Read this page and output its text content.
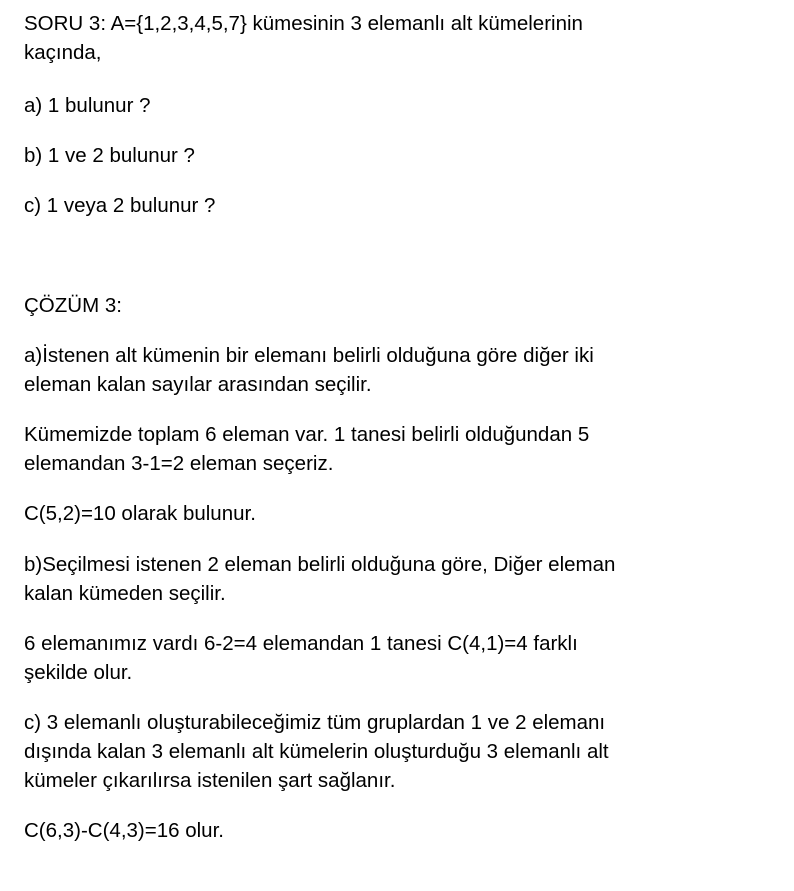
SORU 3: A={1,2,3,4,5,7} kümesinin 3 elemanlı alt kümelerinin

kaçında,

a) 1 bulunur ?

b) 1 ve 2 bulunur ?

c) 1 veya 2 bulunur ?

ÇÖZÜM 3:

a)İstenen alt kümenin bir elemanı belirli olduğuna göre diğer iki

eleman kalan sayılar arasından seçilir.

Kümemizde toplam 6 eleman var. 1 tanesi belirli olduğundan 5

elemandan 3-1=2 eleman seçeriz.

C(5,2)=10 olarak bulunur.

b)Seçilmesi istenen 2 eleman belirli olduğuna göre, Diğer eleman

kalan kümeden seçilir.

6 elemanımız vardı 6-2=4 elemandan 1 tanesi C(4,1)=4 farklı

şekilde olur.

c) 3 elemanlı oluşturabileceğimiz tüm gruplardan 1 ve 2 elemanı

dışında kalan 3 elemanlı alt kümelerin oluşturduğu 3 elemanlı alt

kümeler çıkarılırsa istenilen şart sağlanır.

C(6,3)-C(4,3)=16 olur.
